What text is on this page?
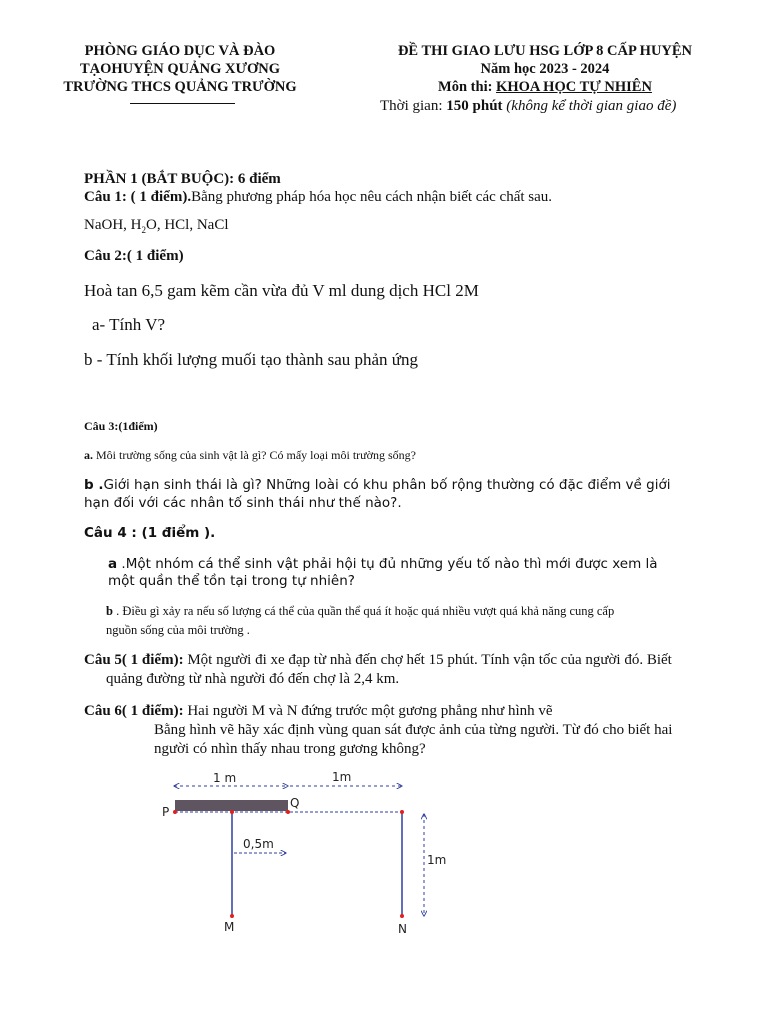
PHÒNG GIÁO DỤC VÀ ĐÀO
TẠOHUYỆN QUẢNG XƯƠNG
TRƯỜNG THCS QUẢNG TRƯỜNG
ĐỀ THI GIAO LƯU HSG LỚP 8 CẤP HUYỆN
Năm học 2023 - 2024
Môn thi: KHOA HỌC TỰ NHIÊN
Thời gian: 150 phút (không kể thời gian giao đề)
PHẦN 1 (BẮT BUỘC): 6 điểm
Câu 1: ( 1 điểm).Bằng phương pháp hóa học nêu cách nhận biết các chất sau.
NaOH, $H_2O$, HCl, NaCl
Câu 2:( 1 điểm)
Hoà tan 6,5 gam kẽm cần vừa đủ V ml dung dịch HCl 2M
a- Tính V?
b - Tính khối lượng muối tạo thành sau phản ứng
Câu 3:(1điểm)
a. Môi trường sống của sinh vật là gì? Có mấy loại môi trường sống?
b .Giới hạn sinh thái là gì? Những loài có khu phân bố rộng thường có đặc điểm về giới
hạn đối với các nhân tố sinh thái như thế nào?.
Câu 4 : (1 điểm ).
a .Một nhóm cá thể sinh vật phải hội tụ đủ những yếu tố nào thì mới được xem là
một quần thể tồn tại trong tự nhiên?
b . Điều gì xảy ra nếu số lượng cá thể của quần thể quá ít hoặc quá nhiều vượt quá khả năng cung cấp
nguồn sống của môi trường .
Câu 5( 1 điểm): Một người đi xe đạp từ nhà đến chợ hết 15 phút. Tính vận tốc của người đó. Biết
quảng đường từ nhà người đó đến chợ là 2,4 km.
Câu 6( 1 điểm): Hai người M và N đứng trước một gương phẳng như hình vẽ
Bằng hình vẽ hãy xác định vùng quan sát được ảnh của từng người. Từ đó cho biết hai
người có nhìn thấy nhau trong gương không?
1 m	1m
P
Q
0,5m
1m
M	N
